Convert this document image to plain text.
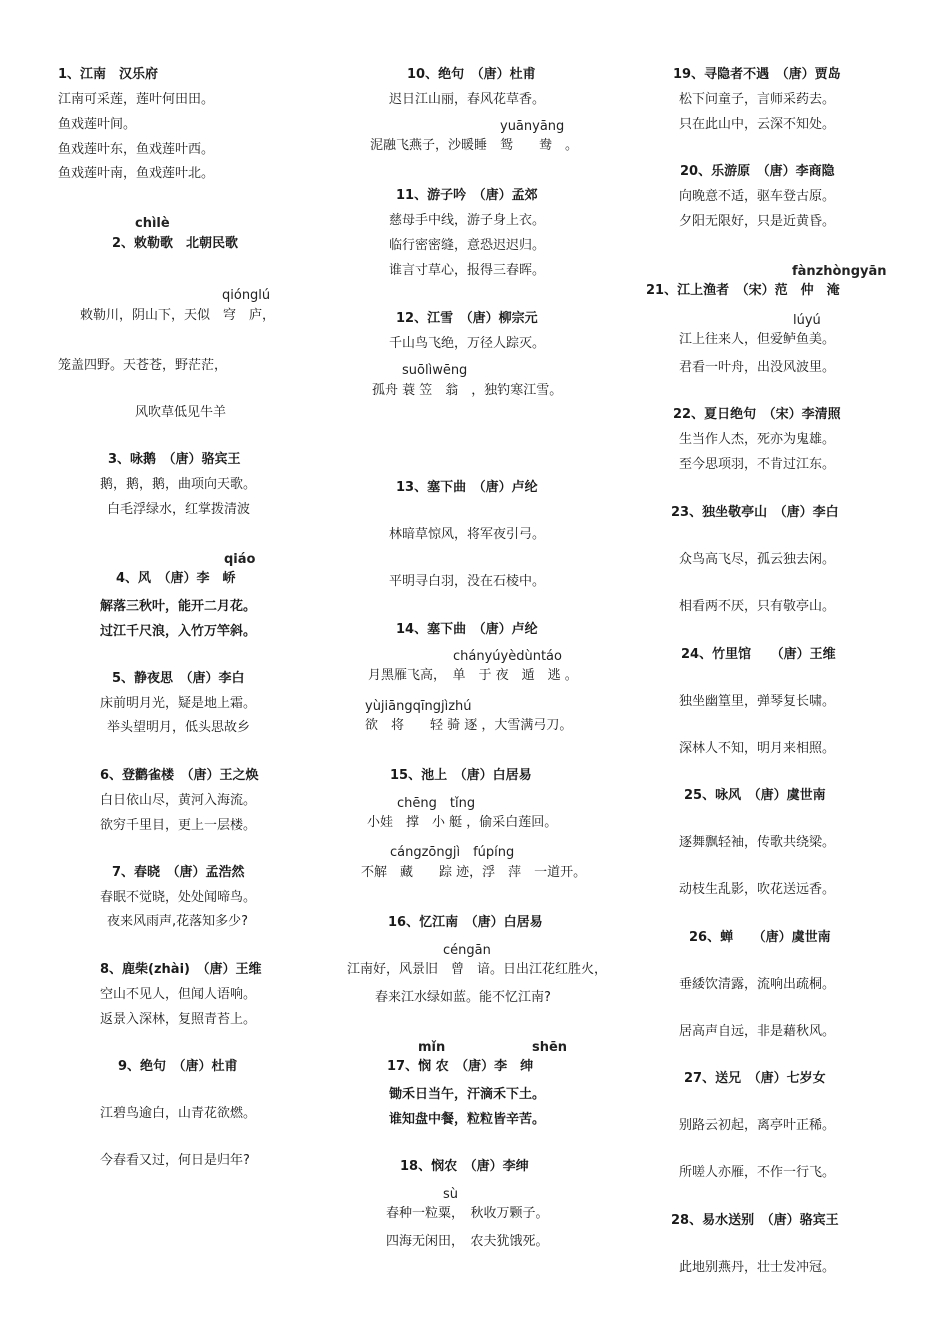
1、江南　汉乐府
江南可采莲，莲叶何田田。
鱼戏莲叶间。
鱼戏莲叶东，鱼戏莲叶西。
鱼戏莲叶南，鱼戏莲叶北。
chìlè
2、敕勒歌　北朝民歌
qiónglú
敕勒川，阴山下，天似　穹　庐，
笼盖四野。天苍苍，野茫茫，
风吹草低见牛羊
3、咏鹅　（唐）骆宾王
鹅，鹅，鹅，曲项向天歌。
白毛浮绿水，红掌拨清波
qiáo
4、风　（唐）李　峤
解落三秋叶，能开二月花。
过江千尺浪，入竹万竿斜。
5、静夜思　（唐）李白
床前明月光，疑是地上霜。
举头望明月，低头思故乡
6、登鹳雀楼　（唐）王之焕
白日依山尽，黄河入海流。
欲穷千里目，更上一层楼。
7、春晓　（唐）孟浩然
春眠不觉晓，处处闻啼鸟。
夜来风雨声,花落知多少?
8、鹿柴(zhài)　（唐）王维
空山不见人，但闻人语响。
返景入深林，复照青苔上。
9、绝句　（唐）杜甫
江碧鸟逾白，山青花欲燃。
今春看又过，何日是归年?
10、绝句　（唐）杜甫
迟日江山丽，春风花草香。
yuānyāng
泥融飞燕子，沙暖睡　鸳　　鸯　。
11、游子吟　（唐）孟郊
慈母手中线，游子身上衣。
临行密密缝，意恐迟迟归。
谁言寸草心，报得三春晖。
12、江雪　（唐）柳宗元
千山鸟飞绝，万径人踪灭。
suōlìwēng
孤舟 蓑 笠　翁　，独钓寒江雪。
13、塞下曲　（唐）卢纶
林暗草惊风，将军夜引弓。
平明寻白羽，没在石棱中。
14、塞下曲　（唐）卢纶
chányúyèdùntáo
月黑雁飞高，　单　于 夜　遁　逃 。
yùjiāngqīngjìzhú
欲　将　　轻 骑 逐 ，大雪满弓刀。
15、池上　（唐）白居易
chēng　tǐng
小娃　撑　小 艇 ，偷采白莲回。
cángzōngjì　fúpíng
不解　藏　　踪 迹，浮　萍　一道开。
16、忆江南　（唐）白居易
céngān
江南好，风景旧　曾　谙。日出江花红胜火，
春来江水绿如蓝。能不忆江南?
mǐn	shēn
17、悯 农　（唐）李　绅
锄禾日当午，汗滴禾下土。
谁知盘中餐，粒粒皆辛苦。
18、悯农　（唐）李绅
sù
春种一粒粟，　秋收万颗子。
四海无闲田，　农夫犹饿死。
19、寻隐者不遇　（唐）贾岛
松下问童子，言师采药去。
只在此山中，云深不知处。
20、乐游原　（唐）李商隐
向晚意不适，驱车登古原。
夕阳无限好，只是近黄昏。
fànzhòngyān
21、江上渔者　（宋）范　仲　淹
lúyú
江上往来人，但爱鲈鱼美。
君看一叶舟，出没风波里。
22、夏日绝句　（宋）李清照
生当作人杰，死亦为鬼雄。
至今思项羽，不肯过江东。
23、独坐敬亭山　（唐）李白
众鸟高飞尽，孤云独去闲。
相看两不厌，只有敬亭山。
24、竹里馆　　（唐）王维
独坐幽篁里，弹琴复长啸。
深林人不知，明月来相照。
25、咏风　（唐）虞世南
逐舞飘轻袖，传歌共绕梁。
动枝生乱影，吹花送远香。
26、蝉　　（唐）虞世南
垂緌饮清露，流响出疏桐。
居高声自远，非是藉秋风。
27、送兄　（唐）七岁女
别路云初起，离亭叶正稀。
所嗟人亦雁，不作一行飞。
28、易水送别　（唐）骆宾王
此地别燕丹，壮士发冲冠。
